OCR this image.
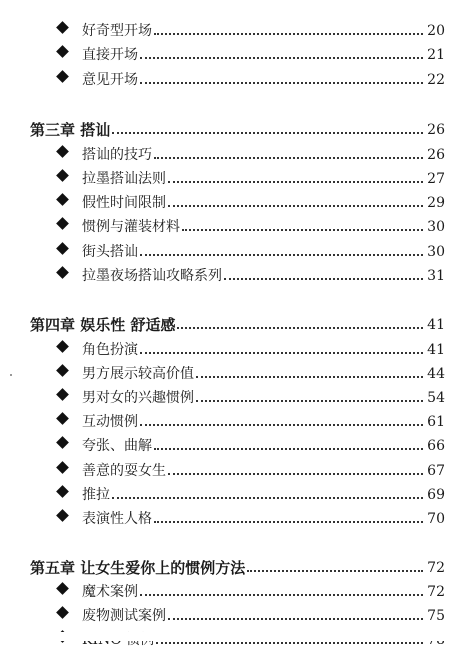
好奇型开场	20
直接开场	21
意见开场	22
第三章 搭讪	26
搭讪的技巧	26
拉墨搭讪法则	27
假性时间限制	29
惯例与灌装材料	30
街头搭讪	30
拉墨夜场搭讪攻略系列	31
第四章 娱乐性 舒适感	41
角色扮演	41
男方展示较高价值	44
男对女的兴趣惯例	54
互动惯例	61
夸张、曲解	66
善意的耍女生	67
推拉	69
表演性人格	70
第五章 让女生爱你上的惯例方法	72
魔术案例	72
废物测试案例	75
